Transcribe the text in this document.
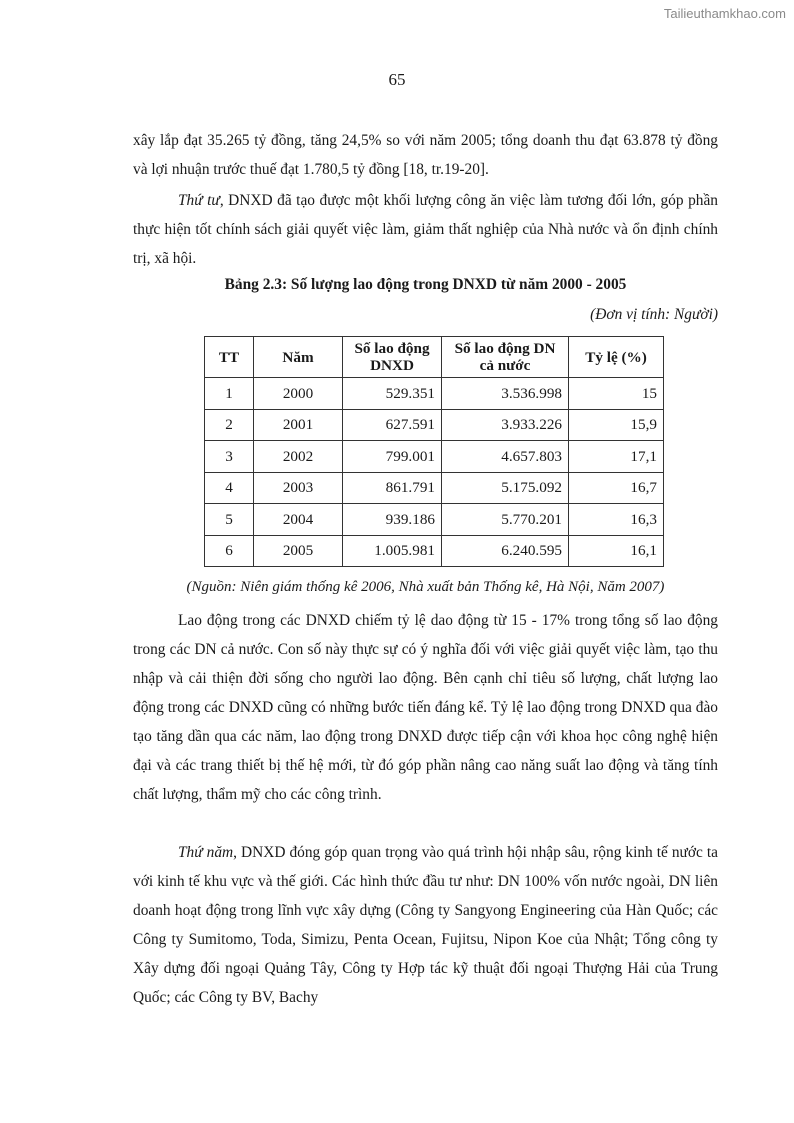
Tailieuthamkhao.com
65

xây lắp đạt 35.265 tỷ đồng, tăng 24,5% so với năm 2005; tổng doanh thu đạt 63.878 tỷ đồng và lợi nhuận trước thuế đạt 1.780,5 tỷ đồng [18, tr.19-20].

Thứ tư, DNXD đã tạo được một khối lượng công ăn việc làm tương đối lớn, góp phần thực hiện tốt chính sách giải quyết việc làm, giảm thất nghiệp của Nhà nước và ổn định chính trị, xã hội.

Bảng 2.3: Số lượng lao động trong DNXD từ năm 2000 - 2005
(Đơn vị tính: Người)
TT	Năm	Số lao động DNXD	Số lao động DN cả nước	Tỷ lệ (%)
1	2000	529.351	3.536.998	15
2	2001	627.591	3.933.226	15,9
3	2002	799.001	4.657.803	17,1
4	2003	861.791	5.175.092	16,7
5	2004	939.186	5.770.201	16,3
6	2005	1.005.981	6.240.595	16,1
(Nguồn: Niên giám thống kê 2006, Nhà xuất bản Thống kê, Hà Nội, Năm 2007)

Lao động trong các DNXD chiếm tỷ lệ dao động từ 15 - 17% trong tổng số lao động trong các DN cả nước. Con số này thực sự có ý nghĩa đối với việc giải quyết việc làm, tạo thu nhập và cải thiện đời sống cho người lao động. Bên cạnh chỉ tiêu số lượng, chất lượng lao động trong các DNXD cũng có những bước tiến đáng kể. Tỷ lệ lao động trong DNXD qua đào tạo tăng dần qua các năm, lao động trong DNXD được tiếp cận với khoa học công nghệ hiện đại và các trang thiết bị thế hệ mới, từ đó góp phần nâng cao năng suất lao động và tăng tính chất lượng, thẩm mỹ cho các công trình.

Thứ năm, DNXD đóng góp quan trọng vào quá trình hội nhập sâu, rộng kinh tế nước ta với kinh tế khu vực và thế giới. Các hình thức đầu tư như: DN 100% vốn nước ngoài, DN liên doanh hoạt động trong lĩnh vực xây dựng (Công ty Sangyong Engineering của Hàn Quốc; các Công ty Sumitomo, Toda, Simizu, Penta Ocean, Fujitsu, Nipon Koe của Nhật; Tổng công ty Xây dựng đối ngoại Quảng Tây, Công ty Hợp tác kỹ thuật đối ngoại Thượng Hải của Trung Quốc; các Công ty BV, Bachy
